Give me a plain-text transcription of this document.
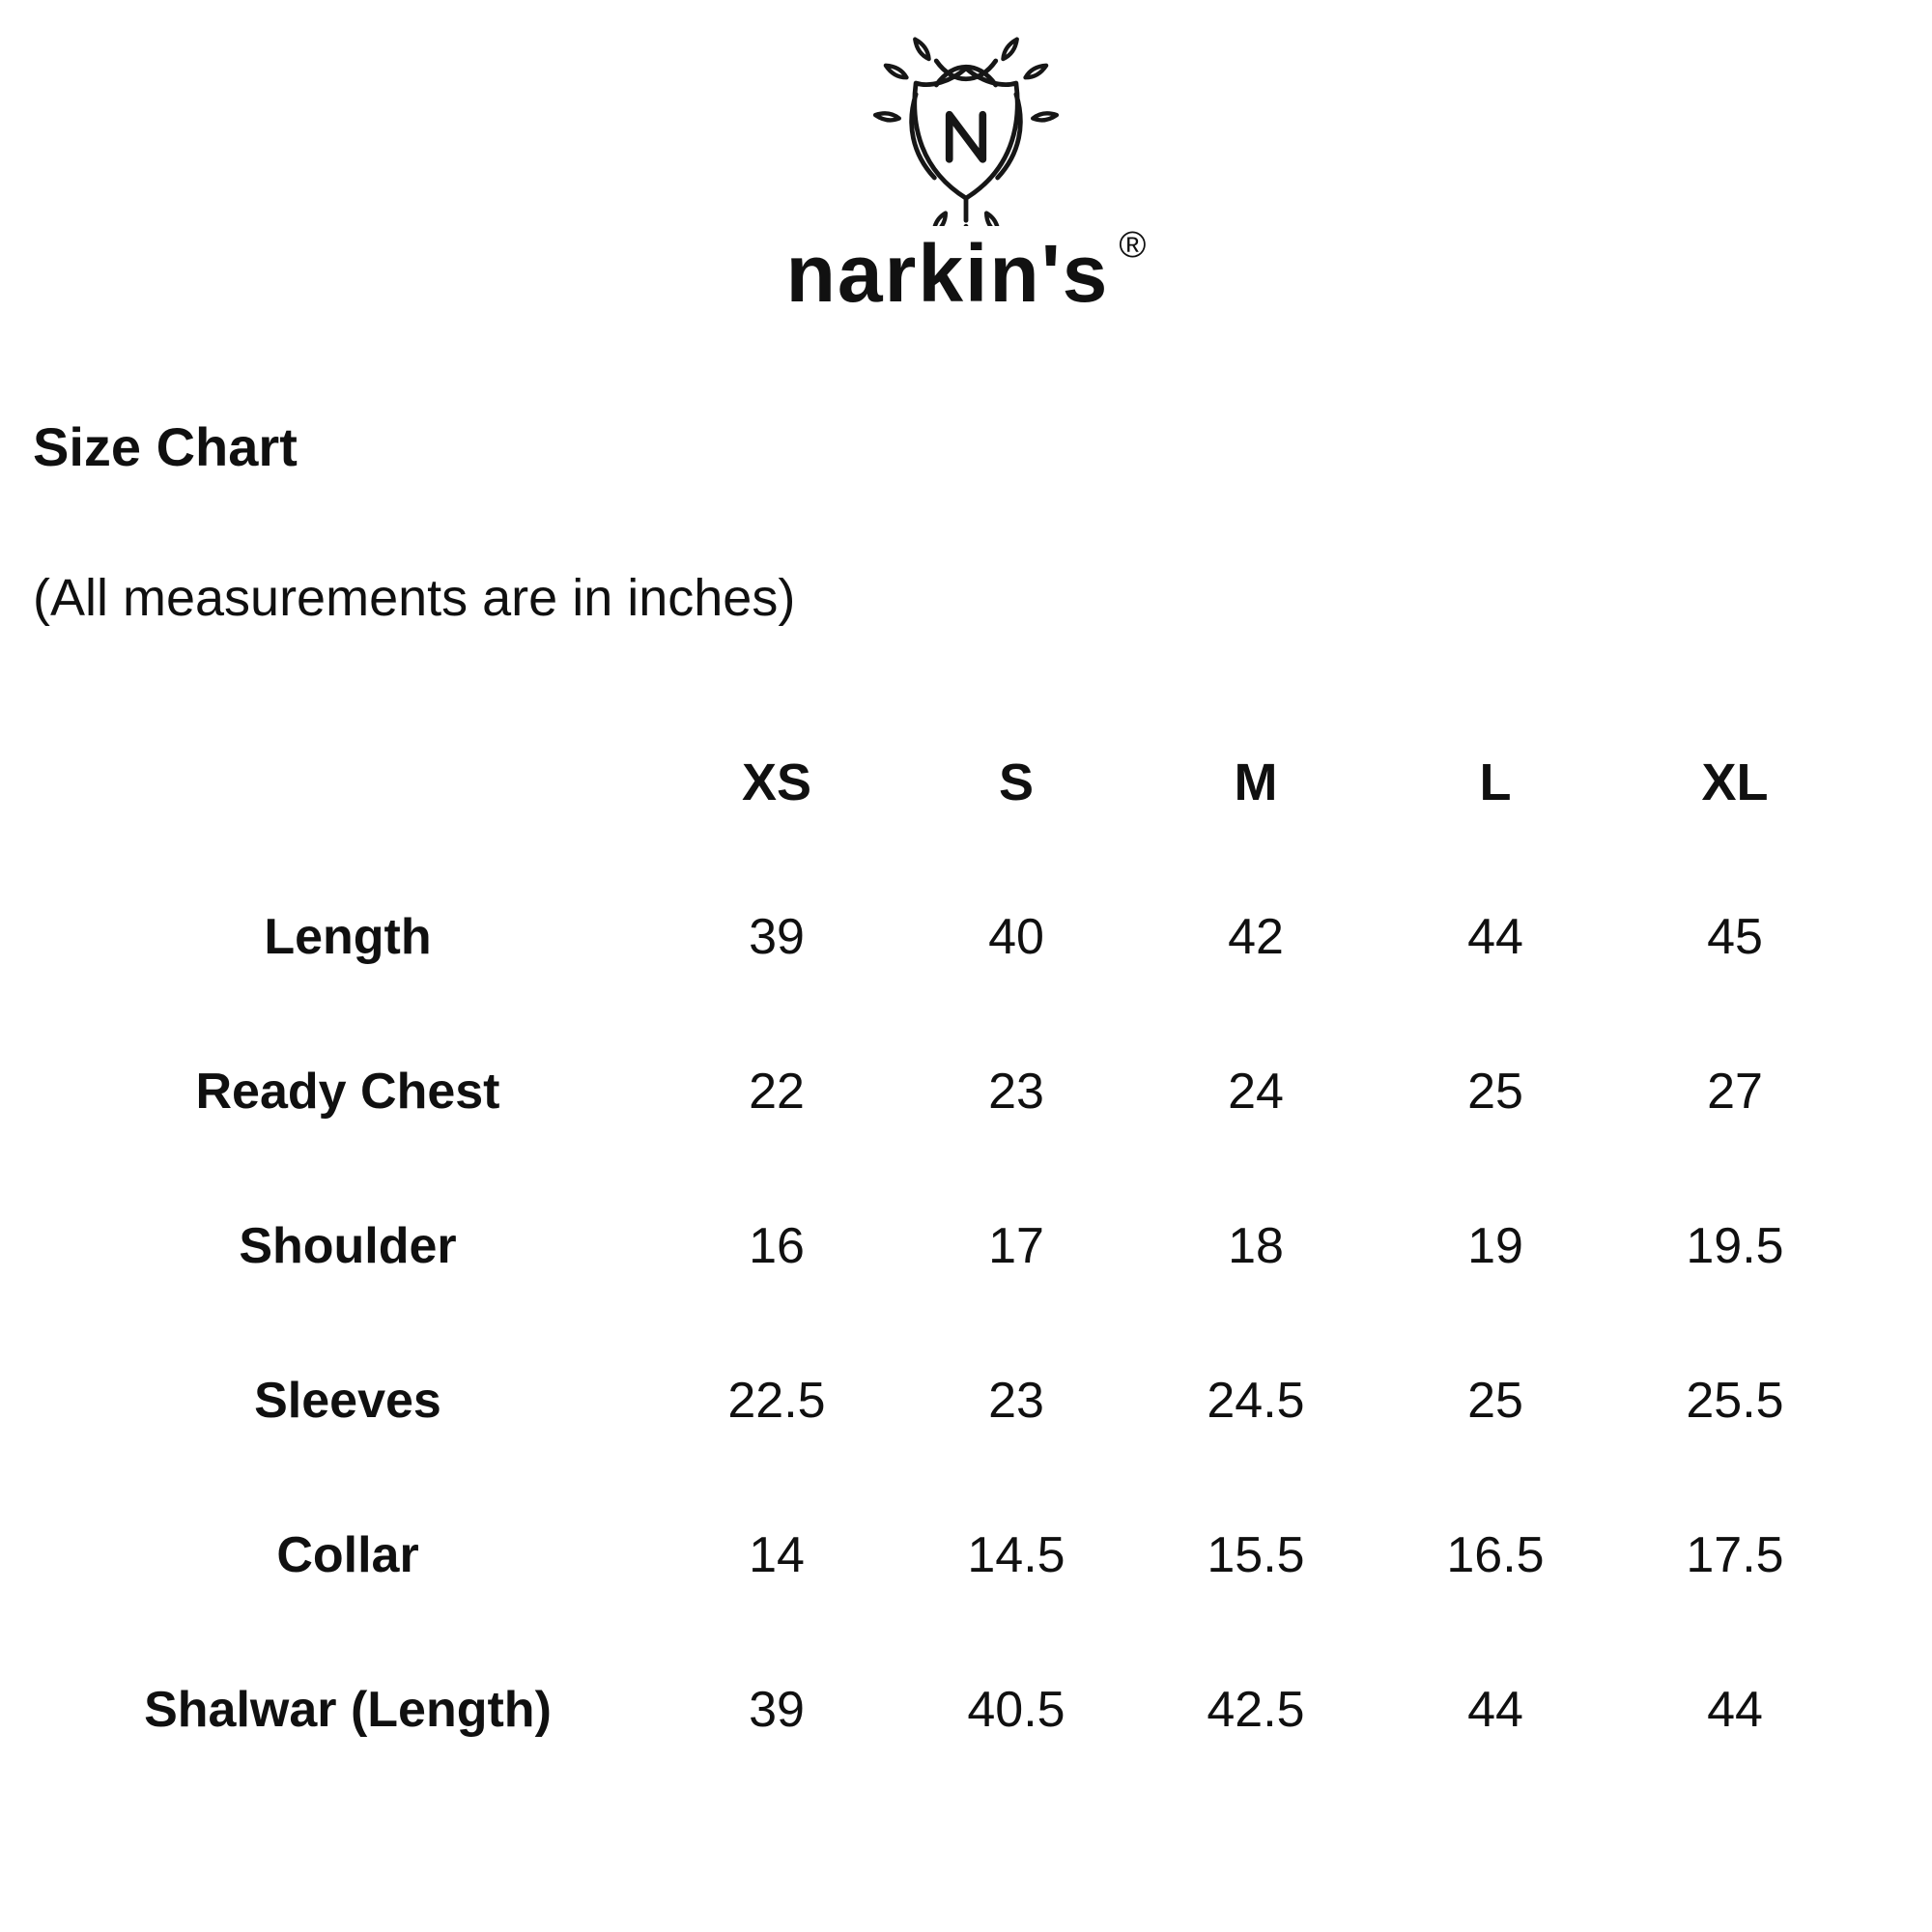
narkin's ®
Size Chart
(All measurements are in inches)
XS	S	M	L	XL
Length	39	40	42	44	45
Ready Chest	22	23	24	25	27
Shoulder	16	17	18	19	19.5
Sleeves	22.5	23	24.5	25	25.5
Collar	14	14.5	15.5	16.5	17.5
Shalwar (Length)	39	40.5	42.5	44	44
